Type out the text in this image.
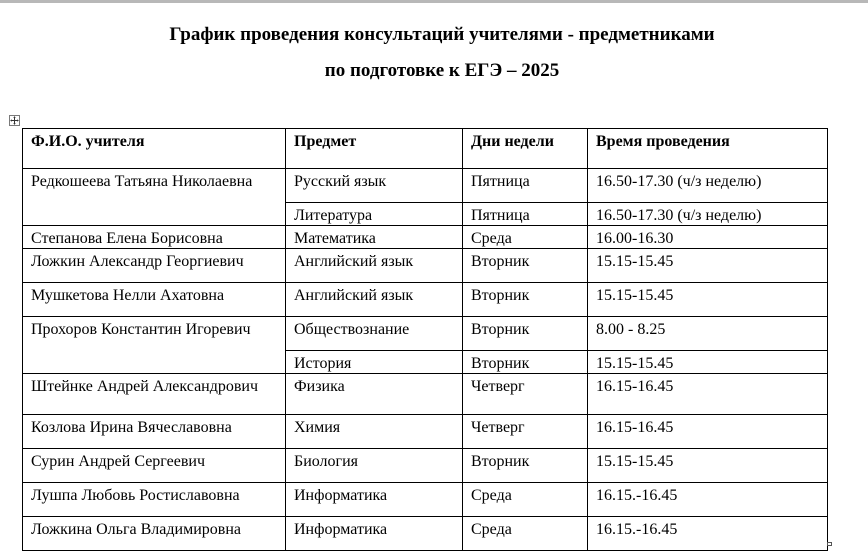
График проведения консультаций учителями - предметниками
по подготовке к ЕГЭ – 2025
Ф.И.О. учителя	Предмет	Дни недели	Время проведения
Редкошеева Татьяна Николаевна	Русский язык	Пятница	16.50-17.30 (ч/з неделю)
	Литература	Пятница	16.50-17.30 (ч/з неделю)
Степанова Елена Борисовна	Математика	Среда	16.00-16.30
Ложкин Александр Георгиевич	Английский язык	Вторник	15.15-15.45
Мушкетова Нелли Ахатовна	Английский язык	Вторник	15.15-15.45
Прохоров Константин Игоревич	Обществознание	Вторник	8.00 - 8.25
	История	Вторник	15.15-15.45
Штейнке Андрей Александрович	Физика	Четверг	16.15-16.45
Козлова Ирина Вячеславовна	Химия	Четверг	16.15-16.45
Сурин Андрей Сергеевич	Биология	Вторник	15.15-15.45
Лушпа Любовь Ростиславовна	Информатика	Среда	16.15.-16.45
Ложкина Ольга Владимировна	Информатика	Среда	16.15.-16.45
